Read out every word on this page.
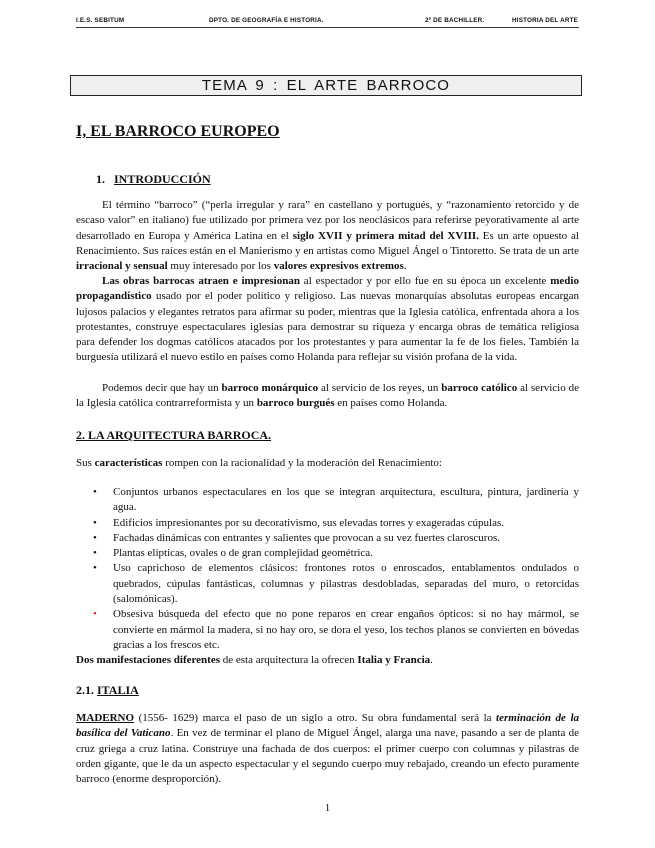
I.E.S. SEBITUM	DPTO. DE GEOGRAFÍA E HISTORIA.	2º DE BACHILLER.	HISTORIA DEL ARTE
TEMA 9 : EL ARTE BARROCO
I, EL BARROCO EUROPEO
1. INTRODUCCIÓN

El término “barroco” (“perla irregular y rara” en castellano y portugués, y “razonamiento retorcido y de escaso valor” en italiano) fue utilizado por primera vez por los neoclásicos para referirse peyorativamente al arte desarrollado en Europa y América Latina en el siglo XVII y primera mitad del XVIII. Es un arte opuesto al Renacimiento. Sus raíces están en el Manierismo y en artistas como Miguel Ángel o Tintoretto. Se trata de un arte irracional y sensual muy interesado por los valores expresivos extremos.

Las obras barrocas atraen e impresionan al espectador y por ello fue en su época un excelente medio propagandístico usado por el poder político y religioso. Las nuevas monarquías absolutas europeas encargan lujosos palacios y elegantes retratos para afirmar su poder, mientras que la Iglesia católica, enfrentada ahora a los protestantes, construye espectaculares iglesias para demostrar su riqueza y encarga obras de temática religiosa para defender los dogmas católicos atacados por los protestantes y para aumentar la fe de los fieles. También la burguesía utilizará el nuevo estilo en países como Holanda para reflejar su visión profana de la vida.

Podemos decir que hay un barroco monárquico al servicio de los reyes, un barroco católico al servicio de la Iglesia católica contrarreformista y un barroco burgués en países como Holanda.

2. LA ARQUITECTURA BARROCA.

Sus características rompen con la racionalidad y la moderación del Renacimiento:

• Conjuntos urbanos espectaculares en los que se integran arquitectura, escultura, pintura, jardinería y agua.
• Edificios impresionantes por su decorativismo, sus elevadas torres y exageradas cúpulas.
• Fachadas dinámicas con entrantes y salientes que provocan a su vez fuertes claroscuros.
• Plantas elípticas, ovales o de gran complejidad geométrica.
• Uso caprichoso de elementos clásicos: frontones rotos o enroscados, entablamentos ondulados o quebrados, cúpulas fantásticas, columnas y pilastras desdobladas, separadas del muro, o retorcidas (salomónicas).
• Obsesiva búsqueda del efecto que no pone reparos en crear engaños ópticos: si no hay mármol, se convierte en mármol la madera, si no hay oro, se dora el yeso, los techos planos se convierten en bóvedas gracias a los frescos etc.

Dos manifestaciones diferentes de esta arquitectura la ofrecen Italia y Francia.

2.1. ITALIA

MADERNO (1556- 1629) marca el paso de un siglo a otro. Su obra fundamental será la terminación de la basílica del Vaticano. En vez de terminar el plano de Miguel Ángel, alarga una nave, pasando a ser de planta de cruz griega a cruz latina. Construye una fachada de dos cuerpos: el primer cuerpo con columnas y pilastras de orden gigante, que le da un aspecto espectacular y el segundo cuerpo muy rebajado, creando un efecto puramente barroco (enorme desproporción).

1
